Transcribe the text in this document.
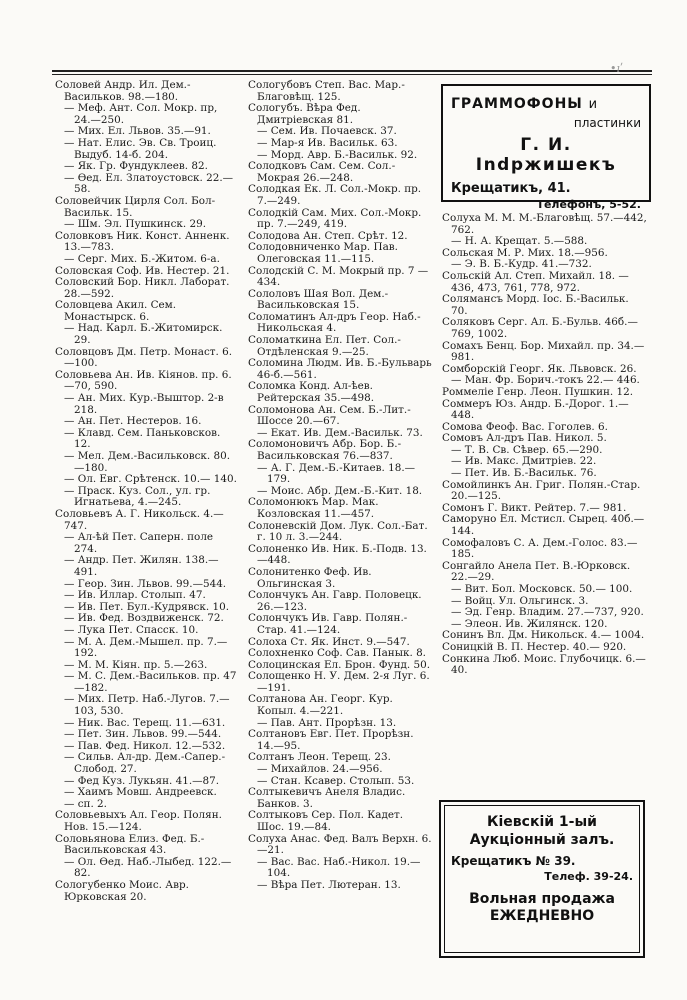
•ıʹ

Соловей Андр. Ил. Дем.-Васильков. 98.—180.

— Меф. Ант. Сол. Мокр. пр, 24.—250.

— Мих. Ел. Львов. 35.—91.

— Нат. Елис. Эв. Св. Троиц. Выдуб. 14-б. 204.

— Як. Гр. Фундуклеев. 82.

— Өед. Ел. Златоустовск. 22.—58.

Соловейчик Цирля Сол. Бол-Васильк. 15.

— Шм. Эл. Пушкинск. 29.

Соловковъ Ник. Конст. Анненк. 13.—783.

— Серг. Мих. Б.-Житом. 6-а.

Соловская Соф. Ив. Нестер. 21.

Соловский Бор. Никл. Лаборат. 28.—592.

Соловцева Акил. Сем. Монастырск. 6.

— Над. Карл. Б.-Житомирск. 29.

Соловцовъ Дм. Петр. Монаст. 6.—100.

Соловьева Ан. Ив. Кіянов. пр. 6.—70, 590.

— Ан. Мих. Кур.-Выштор. 2-в 218.

— Ан. Пет. Нестеров. 16.

— Клавд. Сем. Паньковсков. 12.

— Мел. Дем.-Васильковск. 80. —180.

— Ол. Евг. Срѣтенск. 10.— 140.

— Праск. Куз. Сол., ул. гр. Игнатьева, 4.—245.

Соловьевъ А. Г. Никольск. 4.— 747.

— Ал-ѣй Пет. Саперн. поле 274.

— Андр. Пет. Жилян. 138.— 491.

— Геор. Зин. Львов. 99.—544.

— Ив. Иллар. Столып. 47.

— Ив. Пет. Бул.-Кудрявск. 10.

— Ив. Фед. Воздвиженск. 72.

— Лука Пет. Спасск. 10.

— М. А. Дем.-Мышел. пр. 7.— 192.

— М. М. Кіян. пр. 5.—263.

— М. С. Дем.-Васильков. пр. 47—182.

— Мих. Петр. Наб.-Лугов. 7.— 103, 530.

— Ник. Вас. Терещ. 11.—631.

— Пет. Зин. Львов. 99.—544.

— Пав. Фед. Никол. 12.—532.

— Сильв. Ал-др. Дем.-Сапер.-Слобод. 27.

— Фед Куз. Лукьян. 41.—87.

— Хаимъ Мовш. Андреевск.

— сп. 2.

Соловьевыхъ Ал. Геор. Полян. Нов. 15.—124.

Соловьянова Елиз. Фед. Б.-Васильковская 43.

— Ол. Өед. Наб.-Лыбед. 122.— 82.

Сологубенко Моис. Авр. Юрковская 20.

Сологубовъ Степ. Вас. Мар.-Благовѣщ. 125.

Сологубъ. Вѣра Фед. Дмитріевская 81.

— Сем. Ив. Почаевск. 37.

— Мар-я Ив. Васильк. 63.

— Морд. Авр. Б.-Васильк. 92.

Солодковъ Сам. Сем. Сол.-Мокрая 26.—248.

Солодкая Ек. Л. Сол.-Мокр. пр. 7.—249.

Солодкій Сам. Мих. Сол.-Мокр. пр. 7.—249, 419.

Солодова Ан. Степ. Срѣт. 12.

Солодовниченко Мар. Пав. Олеговская 11.—115.

Солодскій С. М. Мокрый пр. 7 —434.

Сололовъ Шая Вол. Дем.-Васильковская 15.

Соломатинъ Ал-дръ Геор. Наб.-Никольская 4.

Соломаткина Ел. Пет. Сол.-Отдѣленская 9.—25.

Соломина Людм. Ив. Б.-Бульварь 46-б.—561.

Соломка Конд. Ал-ѣев. Рейтерская 35.—498.

Соломонова Ан. Сем. Б.-Лит.-Шоссе 20.—67.

— Екат. Ив. Дем.-Васильк. 73.

Соломоновичъ Абр. Бор. Б.-Васильковская 76.—837.

— А. Г. Дем.-Б.-Китаев. 18.— 179.

— Моис. Абр. Дем.-Б.-Кит. 18.

Соломонюкъ Мар. Мак. Козловская 11.—457.

Солоневскій Дом. Лук. Сол.-Бат. г. 10 л. 3.—244.

Солоненко Ив. Ник. Б.-Подв. 13.—448.

Солонитенко Феф. Ив. Ольгинская 3.

Солончукъ Ан. Гавр. Половецк. 26.—123.

Солончукъ Ив. Гавр. Полян.-Стар. 41.—124.

Солоха Ст. Як. Инст. 9.—547.

Солохненко Соф. Сав. Панык. 8.

Солоцинская Ел. Брон. Фунд. 50.

Солощенко Н. У. Дем. 2-я Луг. 6.—191.

Солтанова Ан. Георг. Кур. Копыл. 4.—221.

— Пав. Ант. Прорѣзн. 13.

Солтановъ Евг. Пет. Прорѣзн. 14.—95.

Солтанъ Леон. Терещ. 23.

— Михайлов. 24.—956.

— Стан. Ксавер. Столып. 53.

Солтыкевичъ Анеля Владис. Банков. 3.

Солтыковъ Сер. Пол. Кадет. Шос. 19.—84.

Солуха Анас. Фед. Валъ Верхн. 6.—21.

— Вас. Вас. Наб.-Никол. 19.— 104.

— Вѣра Пет. Лютеран. 13.

Солуха М. М. М.-Благовѣщ. 57.—442, 762.

— Н. А. Крещат. 5.—588.

Сольская М. Р. Мих. 18.—956.

— Э. В. Б.-Кудр. 41.—732.

Сольскій Ал. Степ. Михайл. 18. —436, 473, 761, 778, 972.

Солямансъ Морд. Іос. Б.-Васильк. 70.

Соляковъ Серг. Ал. Б.-Бульв. 46б.—769, 1002.

Сомахъ Бенц. Бор. Михайл. пр. 34.—981.

Сомборскій Георг. Як. Львовск. 26.

— Ман. Фр. Борич.-токъ 22.— 446.

Роммелiе Генр. Леон. Пушкин. 12.

Соммеръ Юз. Андр. Б.-Дорог. 1.—448.

Сомова Феоф. Вас. Гоголев. 6.

Сомовъ Ал-дръ Пав. Никол. 5.

— Т. В. Св. Сѣвер. 65.—290.

— Ив. Макс. Дмитріев. 22.

— Пет. Ив. Б.-Васильк. 76.

Сомойлинкъ Ан. Григ. Полян.-Стар. 20.—125.

Сомонъ Г. Викт. Рейтер. 7.— 981.

Саморуно Ел. Мстисл. Сырец. 40б.—144.

Сомофаловъ С. А. Дем.-Голос. 83.—185.

Сонгайло Анела Пет. В.-Юрковск. 22.—29.

— Вит. Бол. Московск. 50.— 100.

— Войц. Ул. Ольгинск. 3.

— Эд. Генр. Владим. 27.—737, 920.

— Элеон. Ив. Жилянск. 120.

Сонинъ Вл. Дм. Никольск. 4.— 1004.

Соницкій В. П. Нестер. 40.— 920.

Сонкина Люб. Моис. Глубочицк. 6.—40.

ГРАММОФОНЫ и
пластинки
Г. И. Іndржишекъ
Крещатикъ, 41.
Телефонъ, 5-52.
Кіевскій 1-ый
Аукціонный залъ.
Крещатикъ № 39.
Телеф. 39-24.
Вольная продажа
ЕЖЕДНЕВНО
